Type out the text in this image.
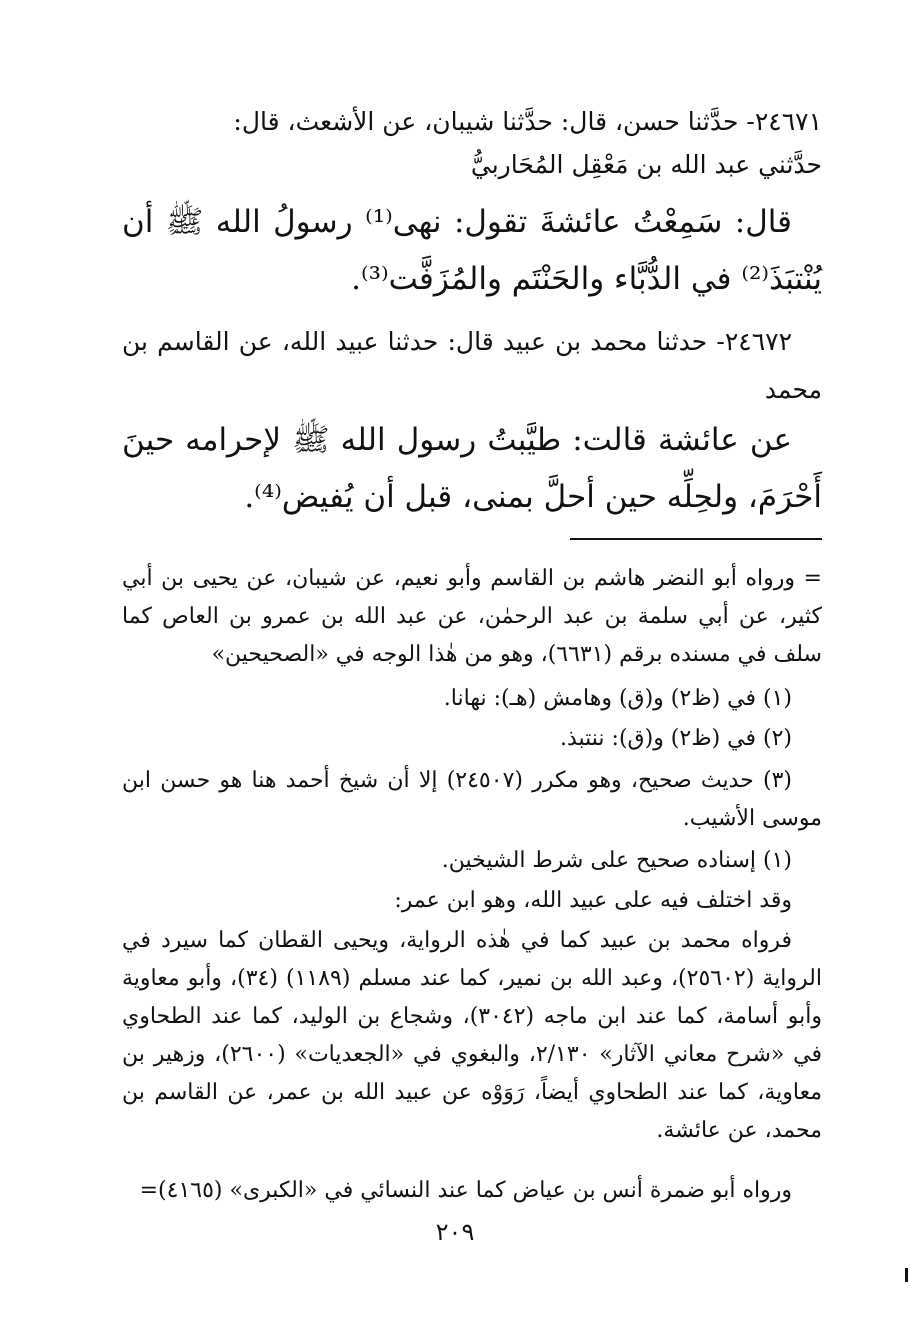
٢٤٦٧١- حدَّثنا حسن، قال: حدَّثنا شيبان، عن الأشعث، قال:
حدَّثني عبد الله بن مَعْقِل المُحَاربيُّ
قال: سَمِعْتُ عائشةَ تقول: نهى⁽¹⁾ رسولُ الله ﷺ أن يُنْتبَذَ⁽²⁾ في الدُّبَّاء والحَنْتَم والمُزَفَّت⁽³⁾.
٢٤٦٧٢- حدثنا محمد بن عبيد قال: حدثنا عبيد الله، عن القاسم بن محمد
عن عائشة قالت: طيَّبتُ رسول الله ﷺ لإحرامه حينَ أَحْرَمَ، ولحِلِّه حين أحلَّ بمنى، قبل أن يُفيض⁽⁴⁾.
= ورواه أبو النضر هاشم بن القاسم وأبو نعيم، عن شيبان، عن يحيى بن أبي كثير، عن أبي سلمة بن عبد الرحمٰن، عن عبد الله بن عمرو بن العاص كما سلف في مسنده برقم (٦٦٣١)، وهو من هٰذا الوجه في «الصحيحين»
(١) في (ظ٢) و(ق) وهامش (هـ): نهانا.
(٢) في (ظ٢) و(ق): ننتبذ.
(٣) حديث صحيح، وهو مكرر (٢٤٥٠٧) إلا أن شيخ أحمد هنا هو حسن ابن موسى الأشيب.
(١) إسناده صحيح على شرط الشيخين.
وقد اختلف فيه على عبيد الله، وهو ابن عمر:
فرواه محمد بن عبيد كما في هٰذه الرواية، ويحيى القطان كما سيرد في الرواية (٢٥٦٠٢)، وعبد الله بن نمير، كما عند مسلم (١١٨٩) (٣٤)، وأبو معاوية وأبو أسامة، كما عند ابن ماجه (٣٠٤٢)، وشجاع بن الوليد، كما عند الطحاوي في «شرح معاني الآثار» ٢/١٣٠، والبغوي في «الجعديات» (٢٦٠٠)، وزهير بن معاوية، كما عند الطحاوي أيضاً، رَوَوْه عن عبيد الله بن عمر، عن القاسم بن محمد، عن عائشة.
ورواه أبو ضمرة أنس بن عياض كما عند النسائي في «الكبرى» (٤١٦٥)=
٢٠٩
